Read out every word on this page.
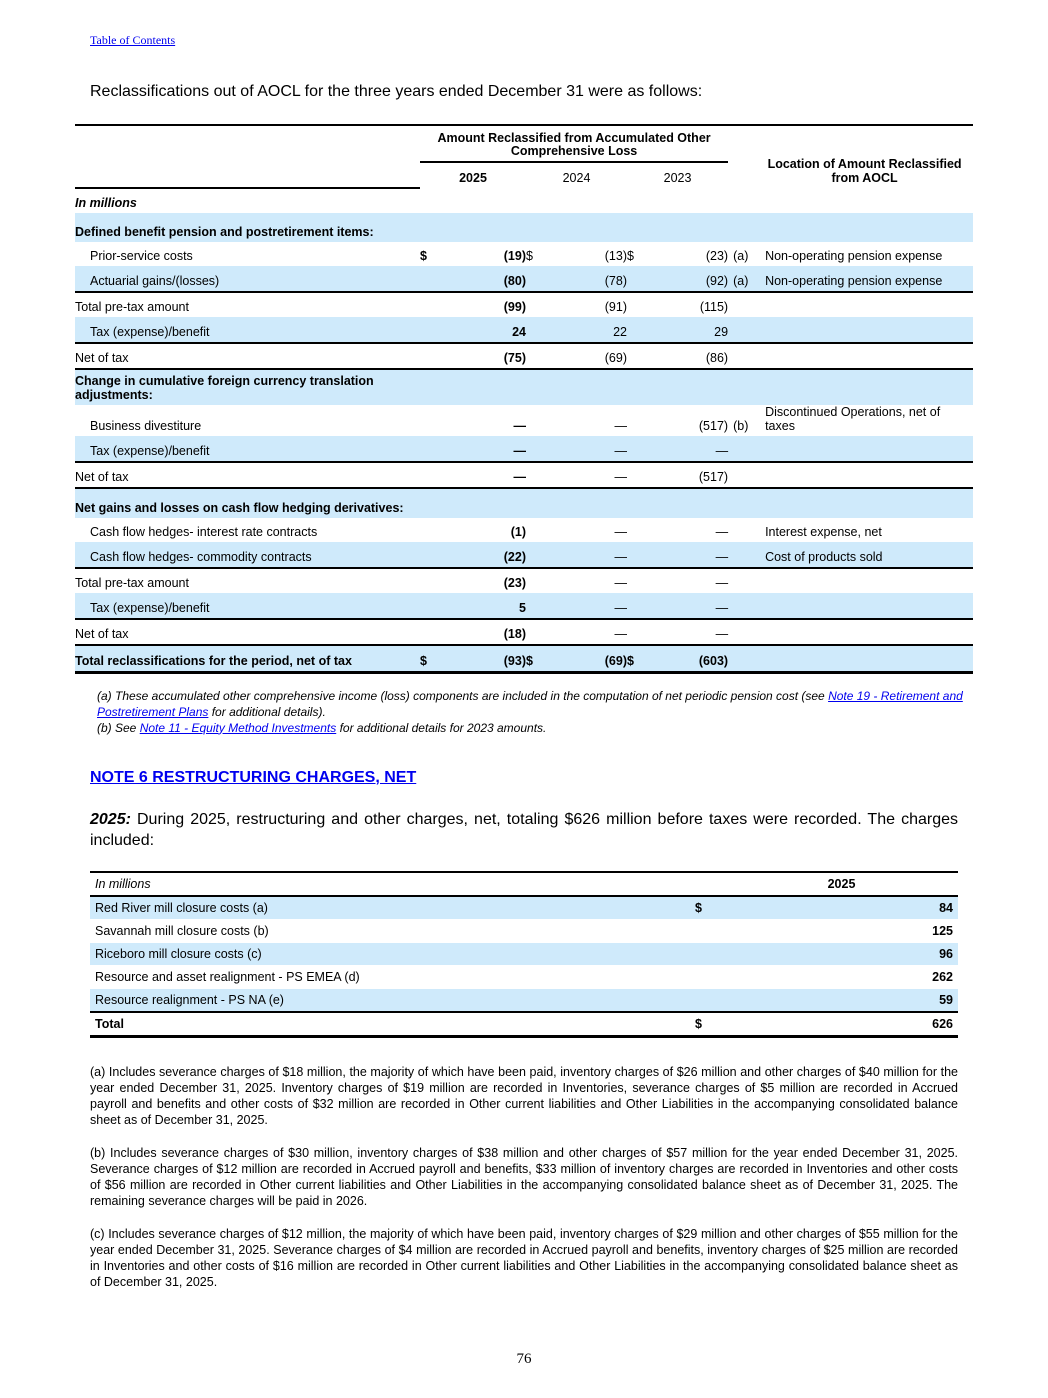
Table of Contents
Reclassifications out of AOCL for the three years ended December 31 were as follows:
	Amount Reclassified from Accumulated Other Comprehensive Loss							Location of Amount Reclassified from AOCL
	2025		2024		2023			
In millions								
Defined benefit pension and postretirement items:								
Prior-service costs	$	(19)	$	(13)	$	(23)	(a)	Non-operating pension expense
Actuarial gains/(losses)		(80)		(78)		(92)	(a)	Non-operating pension expense
Total pre-tax amount		(99)		(91)		(115)		
Tax (expense)/benefit		24		22		29		
Net of tax		(75)		(69)		(86)		
Change in cumulative foreign currency translation adjustments:								
Business divestiture		—		—		(517)	(b)	Discontinued Operations, net of taxes
Tax (expense)/benefit		—		—		—		
Net of tax		—		—		(517)		
Net gains and losses on cash flow hedging derivatives:								
Cash flow hedges- interest rate contracts		(1)		—		—		Interest expense, net
Cash flow hedges- commodity contracts		(22)		—		—		Cost of products sold
Total pre-tax amount		(23)		—		—		
Tax (expense)/benefit		5		—		—		
Net of tax		(18)		—		—		
Total reclassifications for the period, net of tax	$	(93)	$	(69)	$	(603)		
(a) These accumulated other comprehensive income (loss) components are included in the computation of net periodic pension cost (see Note 19 - Retirement and Postretirement Plans for additional details).
(b) See Note 11 - Equity Method Investments for additional details for 2023 amounts.
NOTE 6 RESTRUCTURING CHARGES, NET
2025: During 2025, restructuring and other charges, net, totaling $626 million before taxes were recorded. The charges included:
In millions	2025	
Red River mill closure costs (a)	$	84
Savannah mill closure costs (b)		125
Riceboro mill closure costs (c)		96
Resource and asset realignment - PS EMEA (d)		262
Resource realignment - PS NA (e)		59
Total	$	626
(a) Includes severance charges of $18 million, the majority of which have been paid, inventory charges of $26 million and other charges of $40 million for the year ended December 31, 2025. Inventory charges of $19 million are recorded in Inventories, severance charges of $5 million are recorded in Accrued payroll and benefits and other costs of $32 million are recorded in Other current liabilities and Other Liabilities in the accompanying consolidated balance sheet as of December 31, 2025.
(b) Includes severance charges of $30 million, inventory charges of $38 million and other charges of $57 million for the year ended December 31, 2025. Severance charges of $12 million are recorded in Accrued payroll and benefits, $33 million of inventory charges are recorded in Inventories and other costs of $56 million are recorded in Other current liabilities and Other Liabilities in the accompanying consolidated balance sheet as of December 31, 2025. The remaining severance charges will be paid in 2026.
(c) Includes severance charges of $12 million, the majority of which have been paid, inventory charges of $29 million and other charges of $55 million for the year ended December 31, 2025. Severance charges of $4 million are recorded in Accrued payroll and benefits, inventory charges of $25 million are recorded in Inventories and other costs of $16 million are recorded in Other current liabilities and Other Liabilities in the accompanying consolidated balance sheet as of December 31, 2025.
76
